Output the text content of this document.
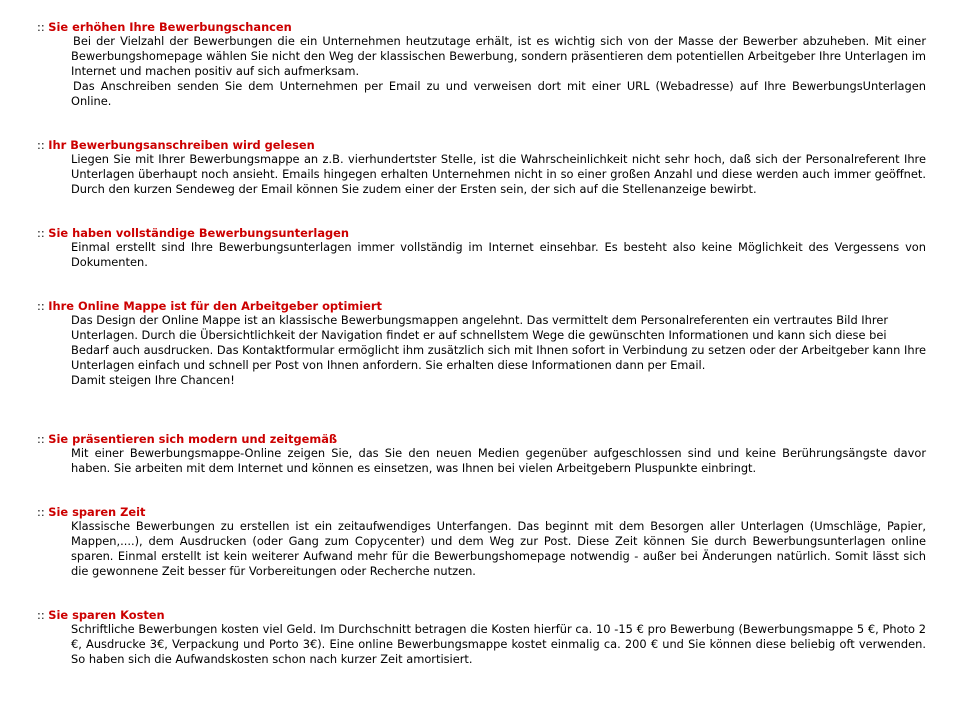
:: Sie erhöhen Ihre Bewerbungschancen
Bei der Vielzahl der Bewerbungen die ein Unternehmen heutzutage erhält, ist es wichtig sich von der Masse der Bewerber abzuheben. Mit einer Bewerbungshomepage wählen Sie nicht den Weg der klassischen Bewerbung, sondern präsentieren dem potentiellen Arbeitgeber Ihre Unterlagen im Internet und machen positiv auf sich aufmerksam.
Das Anschreiben senden Sie dem Unternehmen per Email zu und verweisen dort mit einer URL (Webadresse) auf Ihre BewerbungsUnterlagen Online.
:: Ihr Bewerbungsanschreiben wird gelesen
Liegen Sie mit Ihrer Bewerbungsmappe an z.B. vierhundertster Stelle, ist die Wahrscheinlichkeit nicht sehr hoch, daß sich der Personalreferent Ihre Unterlagen überhaupt noch ansieht. Emails hingegen erhalten Unternehmen nicht in so einer großen Anzahl und diese werden auch immer geöffnet. Durch den kurzen Sendeweg der Email können Sie zudem einer der Ersten sein, der sich auf die Stellenanzeige bewirbt.
:: Sie haben vollständige Bewerbungsunterlagen
Einmal erstellt sind Ihre Bewerbungsunterlagen immer vollständig im Internet einsehbar. Es besteht also keine Möglichkeit des Vergessens von Dokumenten.
:: Ihre Online Mappe ist für den Arbeitgeber optimiert
Das Design der Online Mappe ist an klassische Bewerbungsmappen angelehnt. Das vermittelt dem Personalreferenten ein vertrautes Bild Ihrer Unterlagen. Durch die Übersichtlichkeit der Navigation findet er auf schnellstem Wege die gewünschten Informationen und kann sich diese bei Bedarf auch ausdrucken. Das Kontaktformular ermöglicht ihm zusätzlich sich mit Ihnen sofort in Verbindung zu setzen oder der Arbeitgeber kann Ihre Unterlagen einfach und schnell per Post von Ihnen anfordern. Sie erhalten diese Informationen dann per Email.
Damit steigen Ihre Chancen!
:: Sie präsentieren sich modern und zeitgemäß
Mit einer Bewerbungsmappe-Online zeigen Sie, das Sie den neuen Medien gegenüber aufgeschlossen sind und keine Berührungsängste davor haben. Sie arbeiten mit dem Internet und können es einsetzen, was Ihnen bei vielen Arbeitgebern Pluspunkte einbringt.
:: Sie sparen Zeit
Klassische Bewerbungen zu erstellen ist ein zeitaufwendiges Unterfangen. Das beginnt mit dem Besorgen aller Unterlagen (Umschläge, Papier, Mappen,....), dem Ausdrucken (oder Gang zum Copycenter) und dem Weg zur Post. Diese Zeit können Sie durch Bewerbungsunterlagen online sparen. Einmal erstellt ist kein weiterer Aufwand mehr für die Bewerbungshomepage notwendig - außer bei Änderungen natürlich. Somit lässt sich die gewonnene Zeit besser für Vorbereitungen oder Recherche nutzen.
:: Sie sparen Kosten
Schriftliche Bewerbungen kosten viel Geld. Im Durchschnitt betragen die Kosten hierfür ca. 10 -15 € pro Bewerbung (Bewerbungsmappe 5 €, Photo 2 €, Ausdrucke 3€, Verpackung und Porto 3€). Eine online Bewerbungsmappe kostet einmalig ca. 200 € und Sie können diese beliebig oft verwenden. So haben sich die Aufwandskosten schon nach kurzer Zeit amortisiert.
